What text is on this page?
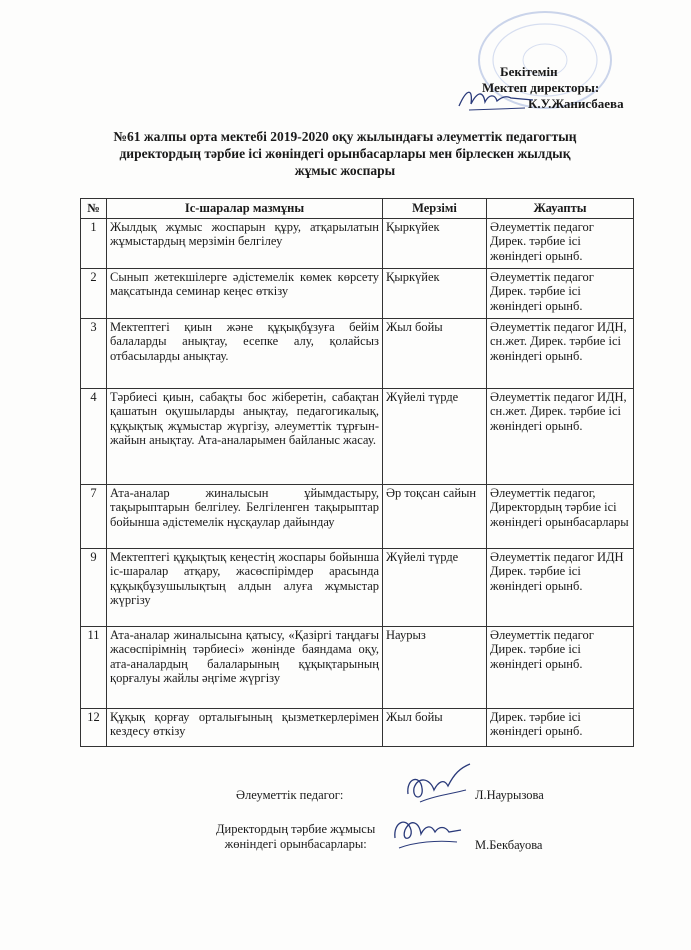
Бекітемін
Мектеп директоры:
К.У.Жанисбаева
№61 жалпы орта мектебі 2019-2020 оқу жылындағы әлеуметтік педагогтың
директордың тәрбие ісі жөніндегі орынбасарлары мен бірлескен жылдық
жұмыс жоспары
№	Іс-шаралар мазмұны	Мерзімі	Жауапты
1	Жылдық жұмыс жоспарын құру, атқарылатын жұмыстардың мерзімін белгілеу	Қыркүйек	Әлеуметтік педагог Дирек. тәрбие ісі жөніндегі орынб.
2	Сынып жетекшілерге әдістемелік көмек көрсету мақсатында семинар кеңес өткізу	Қыркүйек	Әлеуметтік педагог Дирек. тәрбие ісі жөніндегі орынб.
3	Мектептегі қиын және құқықбұзуға бейім балаларды анықтау, есепке алу, қолайсыз отбасыларды анықтау.	Жыл бойы	Әлеуметтік педагог ИДН, сн.жет. Дирек. тәрбие ісі жөніндегі орынб.
4	Тәрбиесі қиын, сабақты бос жіберетін, сабақтан қашатын оқушыларды анықтау, педагогикалық, құқықтық жұмыстар жүргізу, әлеуметтік тұрғын-жайын анықтау. Ата-аналарымен байланыс жасау.	Жүйелі түрде	Әлеуметтік педагог ИДН, сн.жет. Дирек. тәрбие ісі жөніндегі орынб.
7	Ата-аналар жиналысын ұйымдастыру, тақырыптарын белгілеу. Белгіленген тақырыптар бойынша әдістемелік нұсқаулар дайындау	Әр тоқсан сайын	Әлеуметтік педагог, Директордың тәрбие ісі жөніндегі орынбасарлары
9	Мектептегі құқықтық кеңестің жоспары бойынша іс-шаралар атқару, жасөспірімдер арасында құқықбұзушылықтың алдын алуға жұмыстар жүргізу	Жүйелі түрде	Әлеуметтік педагог ИДН Дирек. тәрбие ісі жөніндегі орынб.
11	Ата-аналар жиналысына қатысу, «Қазіргі таңдағы жасөспірімнің тәрбиесі» жөнінде баяндама оқу, ата-аналардың балаларының құқықтарының қорғалуы жайлы әңгіме жүргізу	Наурыз	Әлеуметтік педагог Дирек. тәрбие ісі жөніндегі орынб.
12	Құқық қорғау орталығының қызметкерлерімен кездесу өткізу	Жыл бойы	Дирек. тәрбие ісі жөніндегі орынб.
Әлеуметтік педагог:	Л.Наурызова
Директордың тәрбие жұмысы
жөніндегі орынбасарлары:	М.Бекбауова
